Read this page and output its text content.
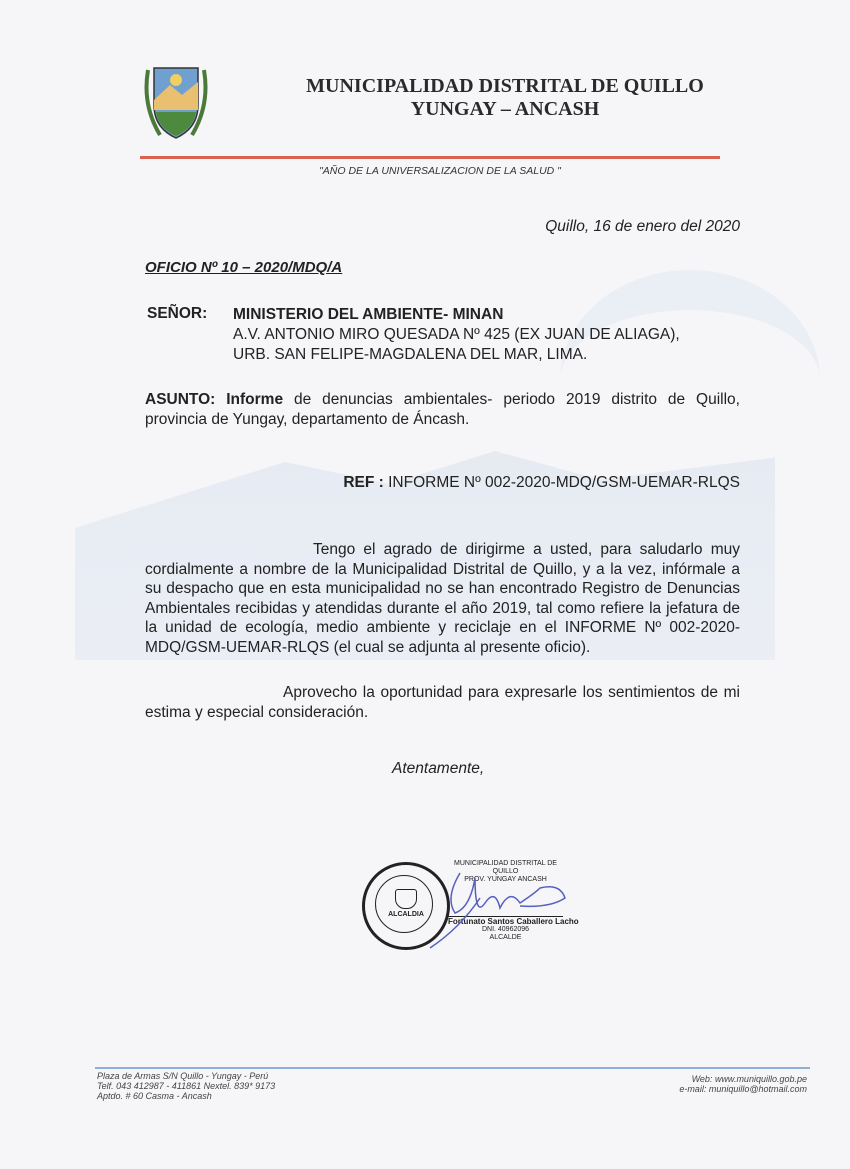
MUNICIPALIDAD DISTRITAL DE QUILLO
YUNGAY – ANCASH
"AÑO DE LA UNIVERSALIZACION DE LA SALUD "
Quillo, 16 de enero del 2020
OFICIO Nº 10 – 2020/MDQ/A
SEÑOR: MINISTERIO DEL AMBIENTE- MINAN
A.V. ANTONIO MIRO QUESADA Nº 425 (EX JUAN DE ALIAGA),
URB. SAN FELIPE-MAGDALENA DEL MAR, LIMA.
ASUNTO: Informe de denuncias ambientales- periodo 2019 distrito de Quillo, provincia de Yungay, departamento de Áncash.
REF : INFORME Nº 002-2020-MDQ/GSM-UEMAR-RLQS
Tengo el agrado de dirigirme a usted, para saludarlo muy cordialmente a nombre de la Municipalidad Distrital de Quillo, y a la vez, infórmale a su despacho que en esta municipalidad no se han encontrado Registro de Denuncias Ambientales recibidas y atendidas durante el año 2019, tal como refiere la jefatura de la unidad de ecología, medio ambiente y reciclaje en el INFORME Nº 002-2020-MDQ/GSM-UEMAR-RLQS (el cual se adjunta al presente oficio).
Aprovecho la oportunidad para expresarle los sentimientos de mi estima y especial consideración.
Atentamente,
ALCALDIA
MUNICIPALIDAD DISTRITAL DE QUILLO
PROV. YUNGAY ANCASH
Fortunato Santos Caballero Lacho
DNI. 40962096
ALCALDE
Plaza de Armas S/N Quillo - Yungay - Perú
Telf. 043 412987 - 411861 Nextel. 839* 9173
Aptdo. # 60 Casma - Ancash
Web: www.muniquillo.gob.pe
e-mail: muniquillo@hotmail.com
